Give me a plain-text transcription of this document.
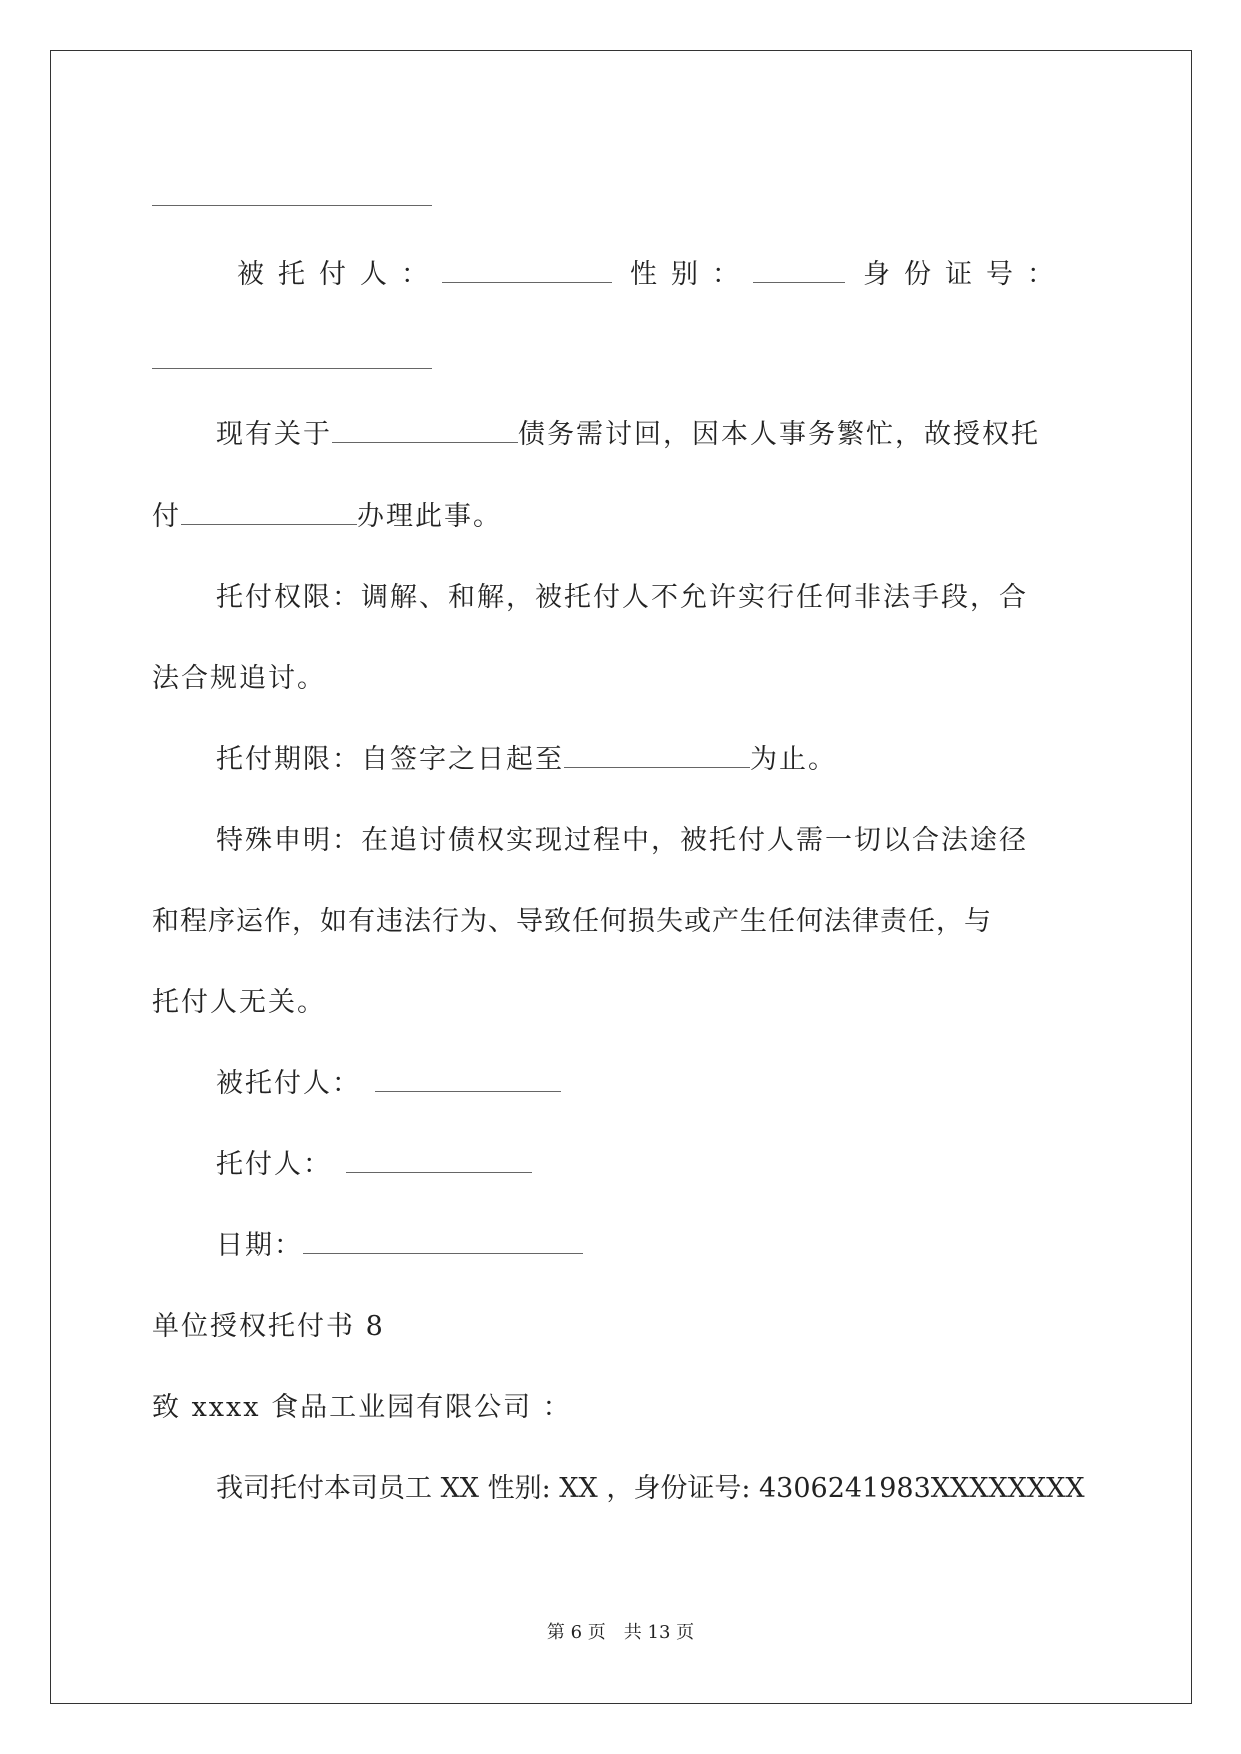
被托付人：	性别：	身份证号：
现有关于	债务需讨回，因本人事务繁忙，故授权托
付	办理此事。
托付权限：调解、和解，被托付人不允许实行任何非法手段，合
法合规追讨。
托付期限：自签字之日起至	为止。
特殊申明：在追讨债权实现过程中，被托付人需一切以合法途径
和程序运作，如有违法行为、导致任何损失或产生任何法律责任，与
托付人无关。
被托付人：
托付人：
日期：
单位授权托付书 8
致 xxxx 食品工业园有限公司 ：
我司托付本司员工 XX 性别: XX ，身份证号: 4306241983XXXXXXXX
第 6 页　共 13 页
